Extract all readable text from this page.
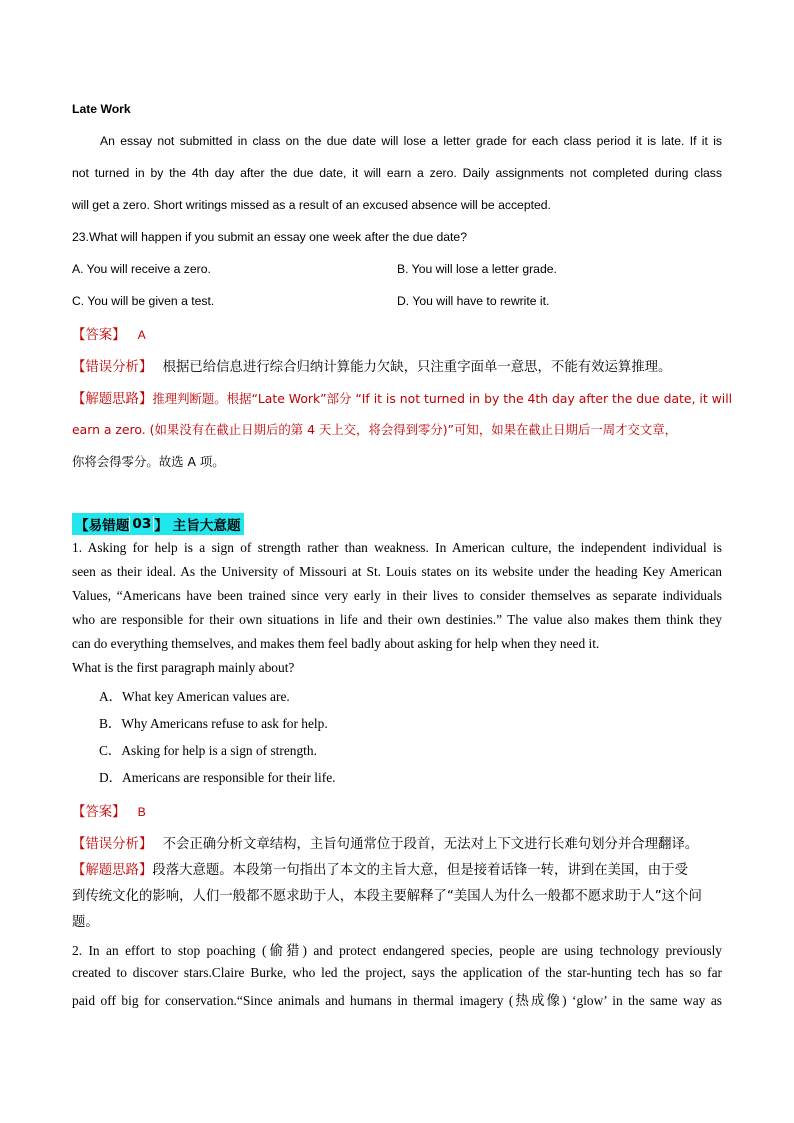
Late Work
An essay not submitted in class on the due date will lose a letter grade for each class period it is late. If it is
not turned in by the 4th day after the due date, it will earn a zero. Daily assignments not completed during class
will get a zero. Short writings missed as a result of an excused absence will be accepted.
23.What will happen if you submit an essay one week after the due date?
A. You will receive a zero.	B. You will lose a letter grade.
C. You will be given a test.	D. You will have to rewrite it.
【答案】 A
【错误分析】 根据已给信息进行综合归纳计算能力欠缺，只注重字面单一意思，不能有效运算推理。
【解题思路】推理判断题。根据“Late Work”部分 “If it is not turned in by the 4th day after the due date, it will
earn a zero. (如果没有在截止日期后的第 4 天上交，将会得到零分)”可知，如果在截止日期后一周才交文章，
你将会得零分。故选 A 项。
【易错题 03 】 主旨大意题
1. Asking for help is a sign of strength rather than weakness. In American culture, the independent individual is
seen as their ideal. As the University of Missouri at St. Louis states on its website under the heading Key American
Values, “Americans have been trained since very early in their lives to consider themselves as separate individuals
who are responsible for their own situations in life and their own destinies.” The value also makes them think they
can do everything themselves, and makes them feel badly about asking for help when they need it.
What is the first paragraph mainly about?
A．What key American values are.
B．Why Americans refuse to ask for help.
C．Asking for help is a sign of strength.
D．Americans are responsible for their life.
【答案】 B
【错误分析】 不会正确分析文章结构，主旨句通常位于段首，无法对上下文进行长难句划分并合理翻译。
【解题思路】段落大意题。本段第一句指出了本文的主旨大意，但是接着话锋一转，讲到在美国，由于受
到传统文化的影响，人们一般都不愿求助于人，本段主要解释了“美国人为什么一般都不愿求助于人”这个问
题。
2. In an effort to stop poaching (偷猎) and protect endangered species, people are using technology previously
created to discover stars.Claire Burke, who led the project, says the application of the star-hunting tech has so far
paid off big for conservation.“Since animals and humans in thermal imagery (热成像) ‘glow’ in the same way as
